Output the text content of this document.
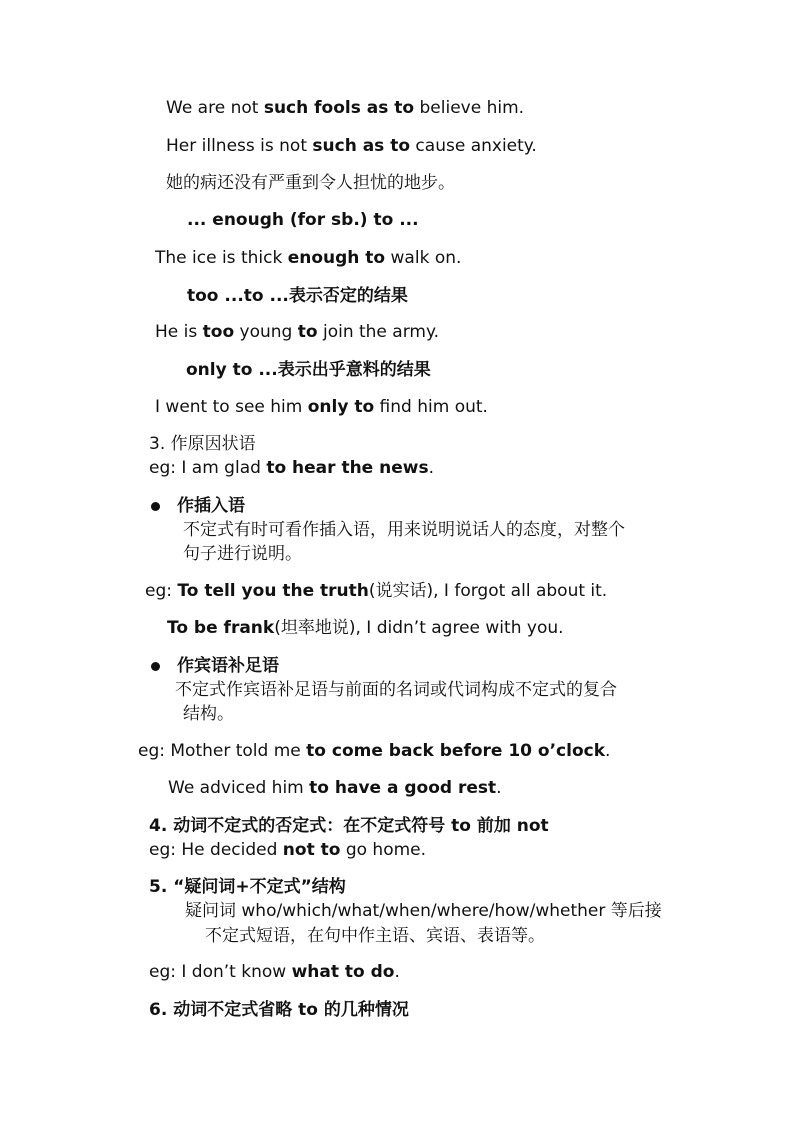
We are not such fools as to believe him.
Her illness is not such as to cause anxiety.
她的病还没有严重到令人担忧的地步。
... enough (for sb.) to ...
The ice is thick enough to walk on.
too ...to ...表示否定的结果
He is too young to join the army.
only to ...表示出乎意料的结果
I went to see him only to find him out.
3. 作原因状语
eg: I am glad to hear the news.
作插入语
不定式有时可看作插入语，用来说明说话人的态度，对整个
句子进行说明。
eg: To tell you the truth(说实话), I forgot all about it.
To be frank(坦率地说), I didn’t agree with you.
作宾语补足语
不定式作宾语补足语与前面的名词或代词构成不定式的复合
结构。
eg: Mother told me to come back before 10 o’clock.
We adviced him to have a good rest.
4. 动词不定式的否定式：在不定式符号 to 前加 not
eg: He decided not to go home.
5. “疑问词+不定式”结构
疑问词 who/which/what/when/where/how/whether 等后接
不定式短语，在句中作主语、宾语、表语等。
eg: I don’t know what to do.
6. 动词不定式省略 to 的几种情况
